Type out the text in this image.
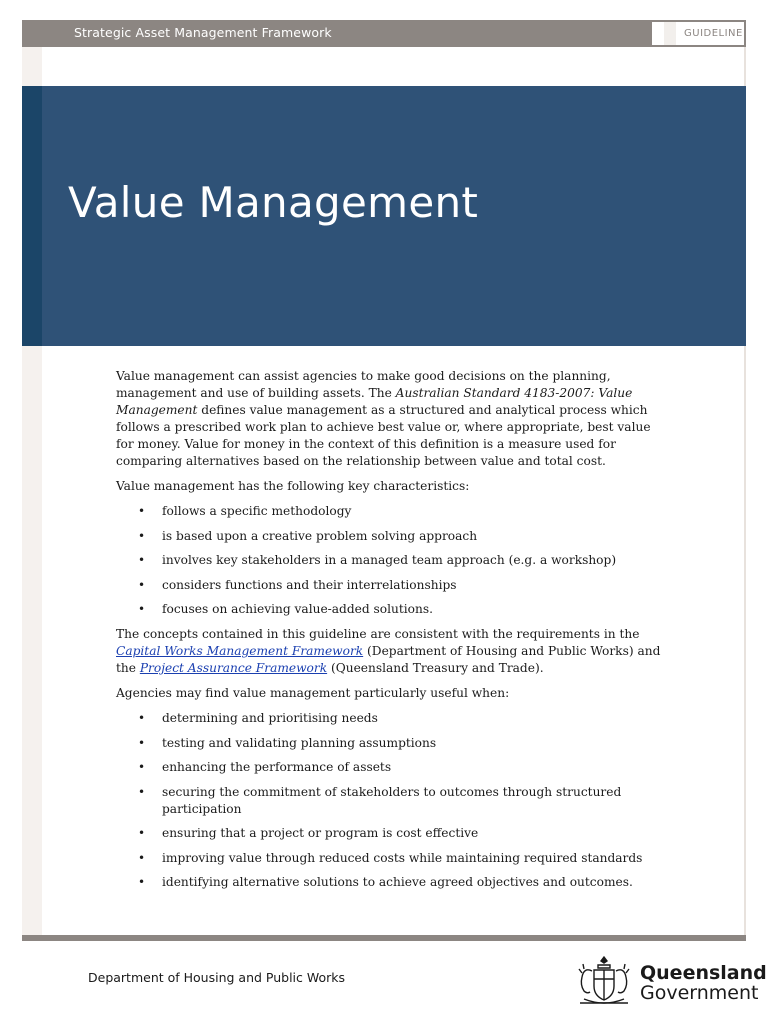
Strategic Asset Management Framework	GUIDELINE
Value Management

Value management can assist agencies to make good decisions on the planning, management and use of building assets. The Australian Standard 4183-2007: Value Management defines value management as a structured and analytical process which follows a prescribed work plan to achieve best value or, where appropriate, best value for money. Value for money in the context of this definition is a measure used for comparing alternatives based on the relationship between value and total cost.

Value management has the following key characteristics:

• follows a specific methodology
• is based upon a creative problem solving approach
• involves key stakeholders in a managed team approach (e.g. a workshop)
• considers functions and their interrelationships
• focuses on achieving value-added solutions.

The concepts contained in this guideline are consistent with the requirements in the Capital Works Management Framework (Department of Housing and Public Works) and the Project Assurance Framework (Queensland Treasury and Trade).

Agencies may find value management particularly useful when:

• determining and prioritising needs
• testing and validating planning assumptions
• enhancing the performance of assets
• securing the commitment of stakeholders to outcomes through structured participation
• ensuring that a project or program is cost effective
• improving value through reduced costs while maintaining required standards
• identifying alternative solutions to achieve agreed objectives and outcomes.
Department of Housing and Public Works	Queensland
Government
